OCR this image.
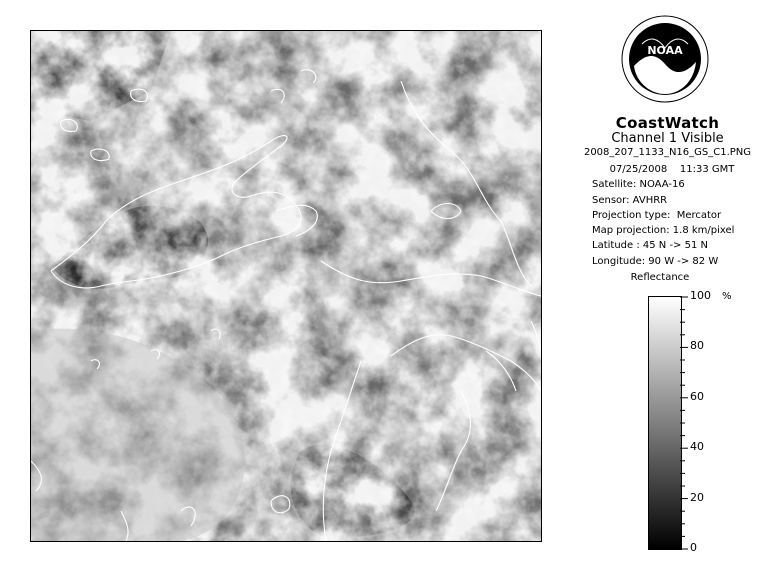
NOAA
CoastWatch
Channel 1 Visible
2008_207_1133_N16_GS_C1.PNG
07/25/2008    11:33 GMT
Satellite: NOAA-16
Sensor: AVHRR
Projection type:  Mercator
Map projection: 1.8 km/pixel
Latitude : 45 N -> 51 N
Longitude: 90 W -> 82 W
Reflectance
%
100
80
60
40
20
0
